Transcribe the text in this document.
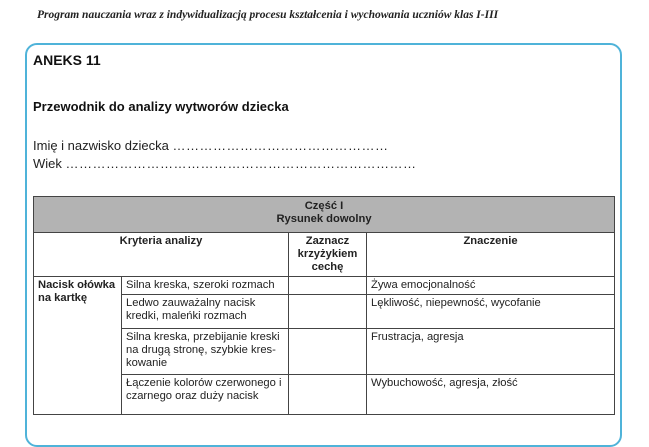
Program nauczania wraz z indywidualizacją procesu kształcenia i wychowania uczniów klas I-III
ANEKS 11
Przewodnik do analizy wytworów dziecka
Imię i nazwisko dziecka …………………………………………
Wiek ……………………………………………………………………
Część I
Rysunek dowolny			

Kryteria analizy		Zaznacz krzyżykiem cechę	Znaczenie
Nacisk ołówka na kartkę	Silna kreska, szeroki rozmach		Żywa emocjonalność
	Ledwo zauważalny nacisk kredki, maleńki rozmach		Lękliwość, niepewność, wycofanie
	Silna kreska, przebijanie kreski na drugą stronę, szybkie kres-kowanie		Frustracja, agresja
	Łączenie kolorów czerwonego i czarnego oraz duży nacisk		Wybuchowość, agresja, złość
